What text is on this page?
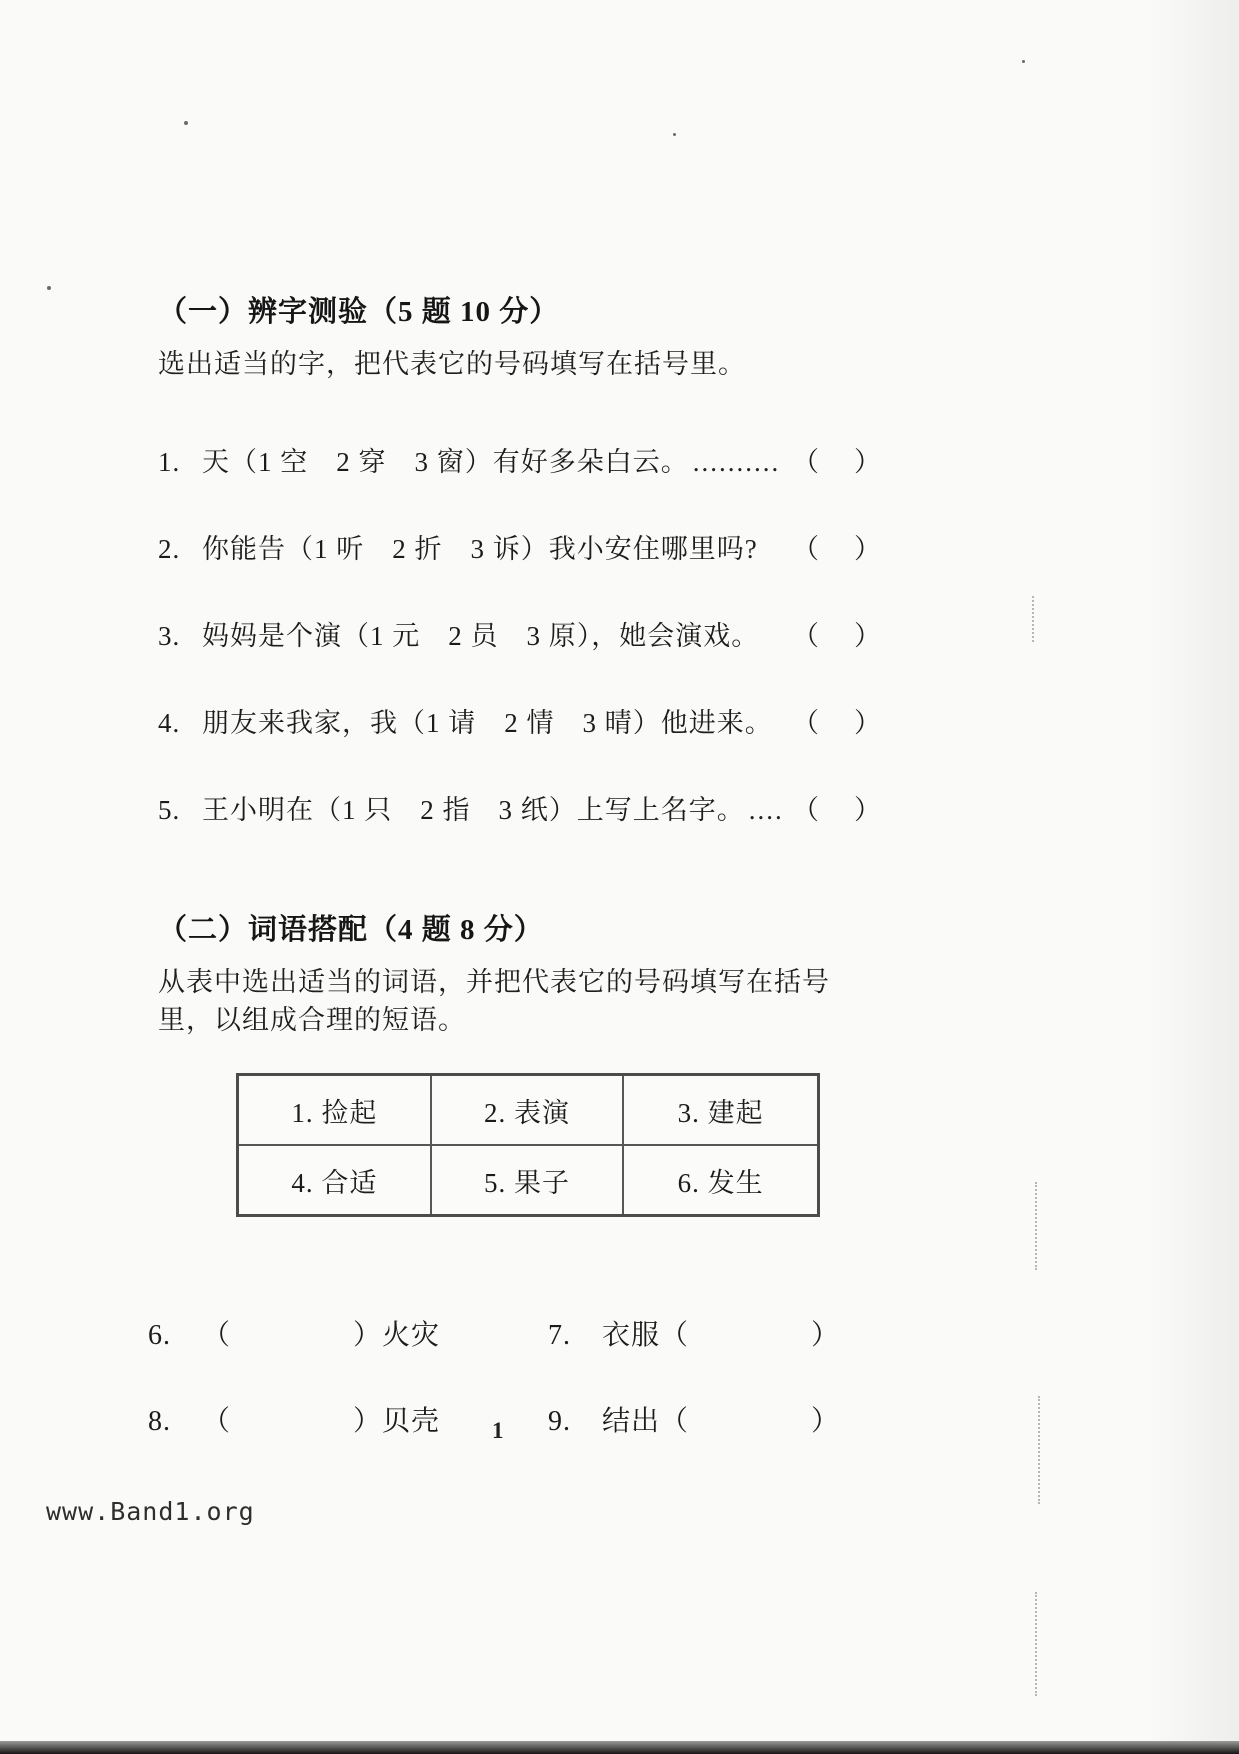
（一）辨字测验（5 题 10 分）

选出适当的字，把代表它的号码填写在括号里。

1. 天（1 空　2 穿　3 窗）有好多朵白云。 .......... （ ）
2. 你能告（1 听　2 折　3 诉）我小安住哪里吗? （ ）
3. 妈妈是个演（1 元　2 员　3 原），她会演戏。 （ ）
4. 朋友来我家，我（1 请　2 情　3 晴）他进来。 （ ）
5. 王小明在（1 只　2 指　3 纸）上写上名字。 .... （ ）
（二）词语搭配（4 题 8 分）

从表中选出适当的词语，并把代表它的号码填写在括号

里，以组成合理的短语。

1. 捡起	2. 表演	3. 建起
4. 合适	5. 果子	6. 发生
6. （	）火灾	7. 衣服（	）
8. （	）贝壳	9. 结出（	）
1
www.Band1.org
